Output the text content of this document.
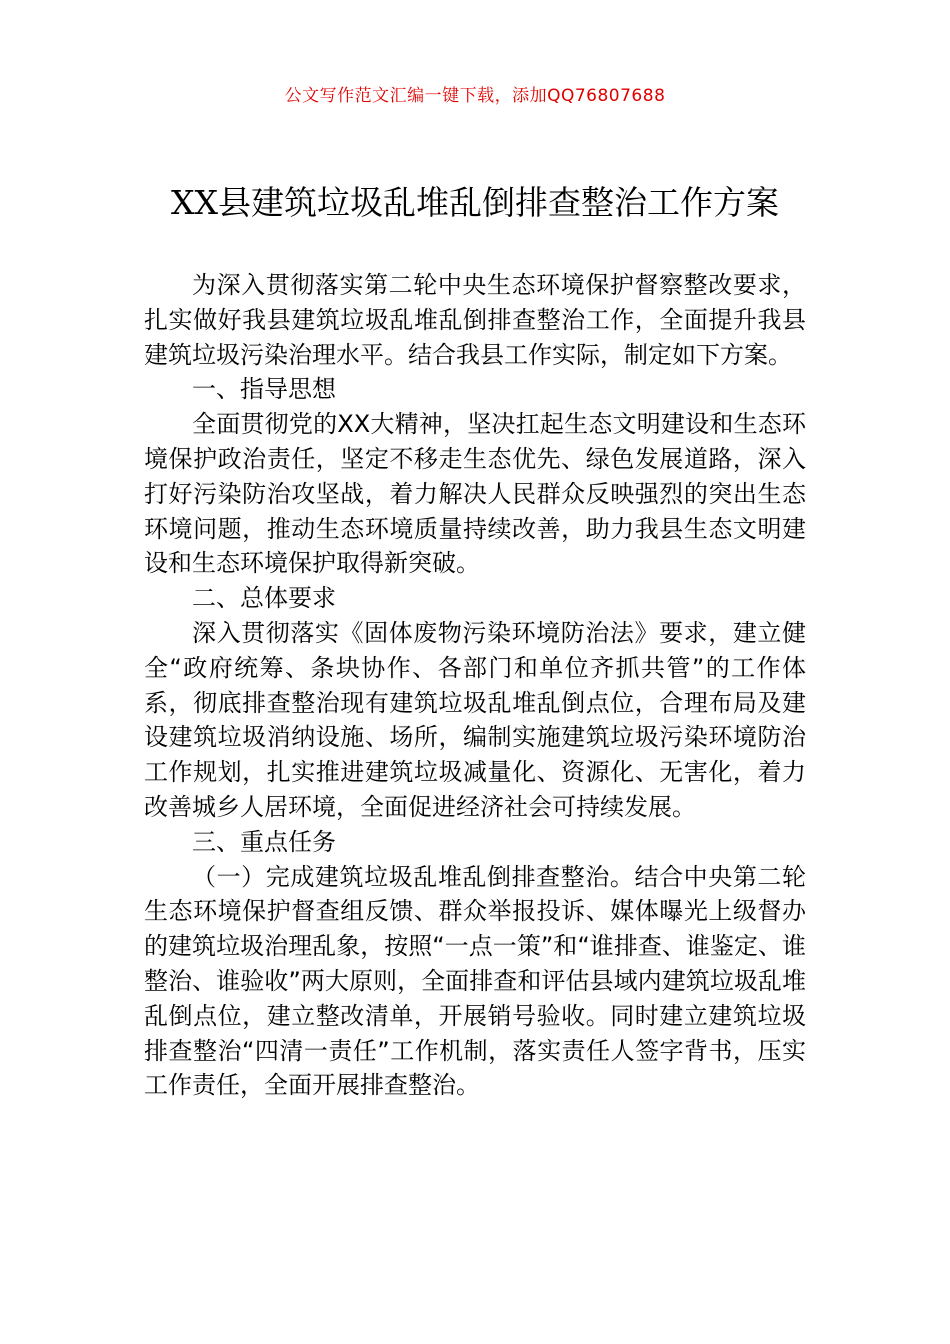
公文写作范文汇编一键下载，添加QQ76807688
XX县建筑垃圾乱堆乱倒排查整治工作方案

为深入贯彻落实第二轮中央生态环境保护督察整改要求，扎实做好我县建筑垃圾乱堆乱倒排查整治工作，全面提升我县建筑垃圾污染治理水平。结合我县工作实际，制定如下方案。

一、指导思想

全面贯彻党的XX大精神，坚决扛起生态文明建设和生态环境保护政治责任，坚定不移走生态优先、绿色发展道路，深入打好污染防治攻坚战，着力解决人民群众反映强烈的突出生态环境问题，推动生态环境质量持续改善，助力我县生态文明建设和生态环境保护取得新突破。

二、总体要求

深入贯彻落实《固体废物污染环境防治法》要求，建立健全“政府统筹、条块协作、各部门和单位齐抓共管”的工作体系，彻底排查整治现有建筑垃圾乱堆乱倒点位，合理布局及建设建筑垃圾消纳设施、场所，编制实施建筑垃圾污染环境防治工作规划，扎实推进建筑垃圾减量化、资源化、无害化，着力改善城乡人居环境，全面促进经济社会可持续发展。

三、重点任务

（一）完成建筑垃圾乱堆乱倒排查整治。结合中央第二轮生态环境保护督查组反馈、群众举报投诉、媒体曝光上级督办的建筑垃圾治理乱象，按照“一点一策”和“谁排查、谁鉴定、谁整治、谁验收”两大原则，全面排查和评估县域内建筑垃圾乱堆乱倒点位，建立整改清单，开展销号验收。同时建立建筑垃圾排查整治“四清一责任”工作机制，落实责任人签字背书，压实工作责任，全面开展排查整治。
